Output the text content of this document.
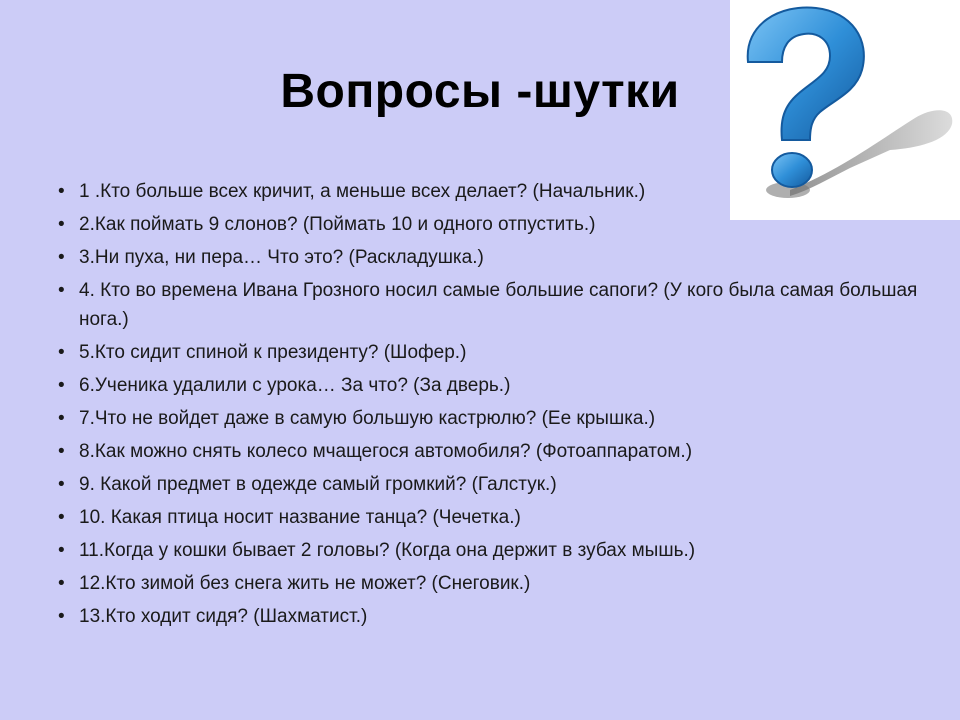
Вопросы -шутки
• 1 .Кто больше всех кричит, а меньше всех делает? (Начальник.)
• 2.Как поймать 9 слонов? (Поймать 10 и одного отпустить.)
• 3.Ни пуха, ни пера… Что это? (Раскладушка.)
• 4. Кто во времена Ивана Грозного носил самые большие сапоги? (У кого была самая большая нога.)
• 5.Кто сидит спиной к президенту? (Шофер.)
• 6.Ученика удалили с урока… За что? (За дверь.)
• 7.Что не войдет даже в самую большую кастрюлю? (Ее крышка.)
• 8.Как можно снять колесо мчащегося автомобиля? (Фотоаппаратом.)
• 9. Какой предмет в одежде самый громкий? (Галстук.)
• 10. Какая птица носит название танца? (Чечетка.)
• 11.Когда у кошки бывает 2 головы? (Когда она держит в зубах мышь.)
• 12.Кто зимой без снега жить не может? (Снеговик.)
• 13.Кто ходит сидя? (Шахматист.)
